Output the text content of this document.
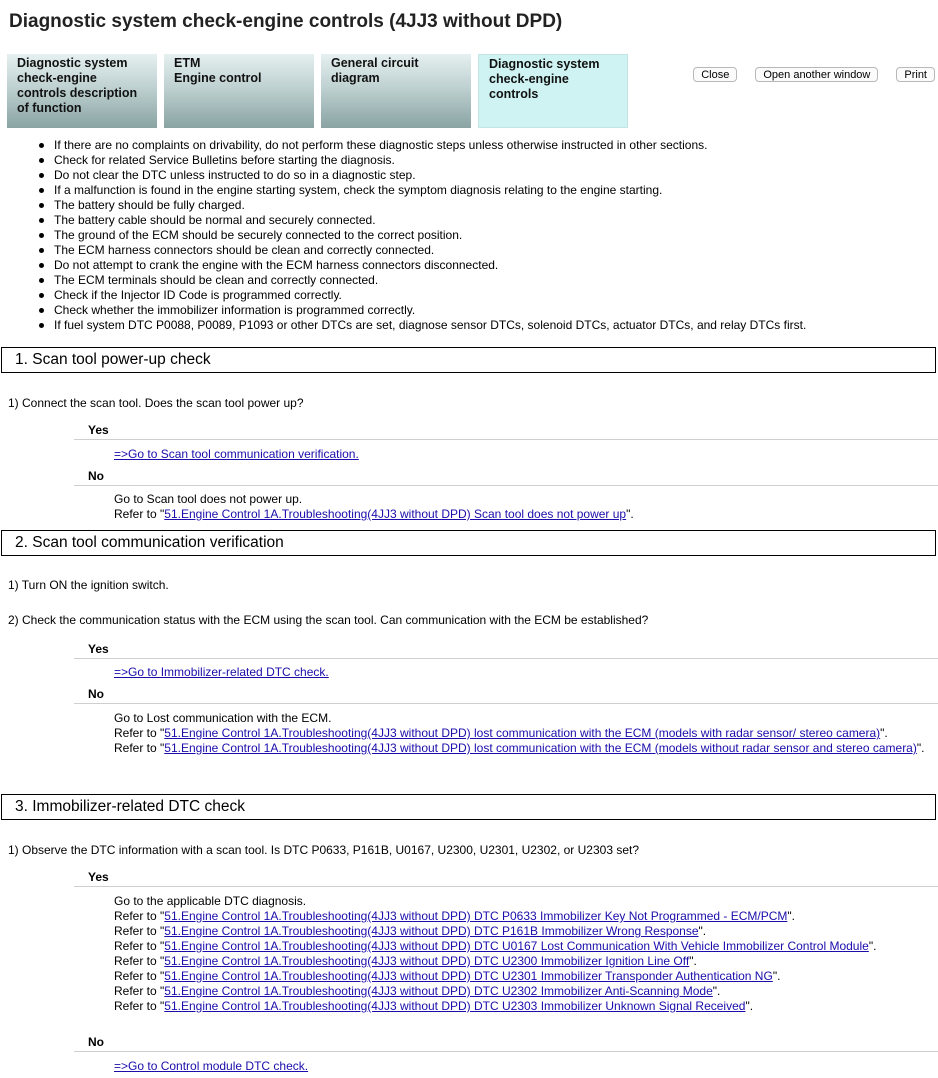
Diagnostic system check-engine controls (4JJ3 without DPD)
Diagnostic system check-engine controls description of function
ETM
Engine control
General circuit diagram
Diagnostic system check-engine controls
Close	Open another window	Print
If there are no complaints on drivability, do not perform these diagnostic steps unless otherwise instructed in other sections.
Check for related Service Bulletins before starting the diagnosis.
Do not clear the DTC unless instructed to do so in a diagnostic step.
If a malfunction is found in the engine starting system, check the symptom diagnosis relating to the engine starting.
The battery should be fully charged.
The battery cable should be normal and securely connected.
The ground of the ECM should be securely connected to the correct position.
The ECM harness connectors should be clean and correctly connected.
Do not attempt to crank the engine with the ECM harness connectors disconnected.
The ECM terminals should be clean and correctly connected.
Check if the Injector ID Code is programmed correctly.
Check whether the immobilizer information is programmed correctly.
If fuel system DTC P0088, P0089, P1093 or other DTCs are set, diagnose sensor DTCs, solenoid DTCs, actuator DTCs, and relay DTCs first.
1. Scan tool power-up check
1) Connect the scan tool. Does the scan tool power up?
Yes
=>Go to Scan tool communication verification.
No
Go to Scan tool does not power up.
Refer to "51.Engine Control 1A.Troubleshooting(4JJ3 without DPD) Scan tool does not power up".
2. Scan tool communication verification
1) Turn ON the ignition switch.
2) Check the communication status with the ECM using the scan tool. Can communication with the ECM be established?
Yes
=>Go to Immobilizer-related DTC check.
No
Go to Lost communication with the ECM.
Refer to "51.Engine Control 1A.Troubleshooting(4JJ3 without DPD) lost communication with the ECM (models with radar sensor/ stereo camera)".
Refer to "51.Engine Control 1A.Troubleshooting(4JJ3 without DPD) lost communication with the ECM (models without radar sensor and stereo camera)".
3. Immobilizer-related DTC check
1) Observe the DTC information with a scan tool. Is DTC P0633, P161B, U0167, U2300, U2301, U2302, or U2303 set?
Yes
Go to the applicable DTC diagnosis.
Refer to "51.Engine Control 1A.Troubleshooting(4JJ3 without DPD) DTC P0633 Immobilizer Key Not Programmed - ECM/PCM".
Refer to "51.Engine Control 1A.Troubleshooting(4JJ3 without DPD) DTC P161B Immobilizer Wrong Response".
Refer to "51.Engine Control 1A.Troubleshooting(4JJ3 without DPD) DTC U0167 Lost Communication With Vehicle Immobilizer Control Module".
Refer to "51.Engine Control 1A.Troubleshooting(4JJ3 without DPD) DTC U2300 Immobilizer Ignition Line Off".
Refer to "51.Engine Control 1A.Troubleshooting(4JJ3 without DPD) DTC U2301 Immobilizer Transponder Authentication NG".
Refer to "51.Engine Control 1A.Troubleshooting(4JJ3 without DPD) DTC U2302 Immobilizer Anti-Scanning Mode".
Refer to "51.Engine Control 1A.Troubleshooting(4JJ3 without DPD) DTC U2303 Immobilizer Unknown Signal Received".
No
=>Go to Control module DTC check.
